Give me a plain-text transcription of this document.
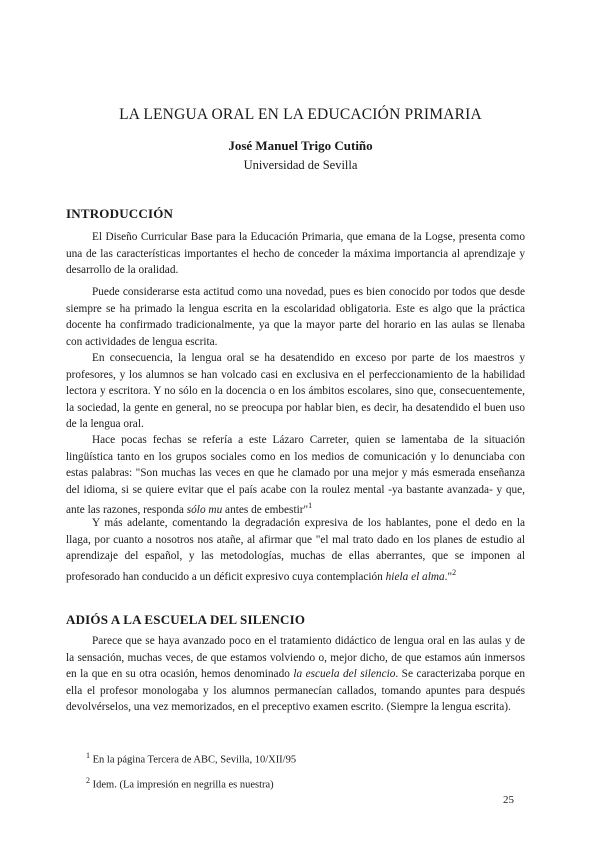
LA LENGUA ORAL EN LA EDUCACIÓN PRIMARIA
José Manuel Trigo Cutiño
Universidad de Sevilla
INTRODUCCIÓN

El Diseño Curricular Base para la Educación Primaria, que emana de la Logse, presenta como una de las características importantes el hecho de conceder la máxima importancia al aprendizaje y desarrollo de la oralidad.

Puede considerarse esta actitud como una novedad, pues es bien conocido por todos que desde siempre se ha primado la lengua escrita en la escolaridad obligatoria. Este es algo que la práctica docente ha confirmado tradicionalmente, ya que la mayor parte del horario en las aulas se llenaba con actividades de lengua escrita.

En consecuencia, la lengua oral se ha desatendido en exceso por parte de los maestros y profesores, y los alumnos se han volcado casi en exclusiva en el perfeccionamiento de la habilidad lectora y escritora. Y no sólo en la docencia o en los ámbitos escolares, sino que, consecuentemente, la sociedad, la gente en general, no se preocupa por hablar bien, es decir, ha desatendido el buen uso de la lengua oral.

Hace pocas fechas se refería a este Lázaro Carreter, quien se lamentaba de la situación lingüística tanto en los grupos sociales como en los medios de comunicación y lo denunciaba con estas palabras: "Son muchas las veces en que he clamado por una mejor y más esmerada enseñanza del idioma, si se quiere evitar que el país acabe con la roulez mental -ya bastante avanzada- y que, ante las razones, responda sólo mu antes de embestir"$^1$

Y más adelante, comentando la degradación expresiva de los hablantes, pone el dedo en la llaga, por cuanto a nosotros nos atañe, al afirmar que "el mal trato dado en los planes de estudio al aprendizaje del español, y las metodologías, muchas de ellas aberrantes, que se imponen al profesorado han conducido a un déficit expresivo cuya contemplación hiela el alma."$^2$

ADIÓS A LA ESCUELA DEL SILENCIO

Parece que se haya avanzado poco en el tratamiento didáctico de lengua oral en las aulas y de la sensación, muchas veces, de que estamos volviendo o, mejor dicho, de que estamos aún inmersos en la que en su otra ocasión, hemos denominado la escuela del silencio. Se caracterizaba porque en ella el profesor monologaba y los alumnos permanecían callados, tomando apuntes para después devolvérselos, una vez memorizados, en el preceptivo examen escrito. (Siempre la lengua escrita).

$^1$ En la página Tercera de ABC, Sevilla, 10/XII/95

$^2$ Idem. (La impresión en negrilla es nuestra)

25
